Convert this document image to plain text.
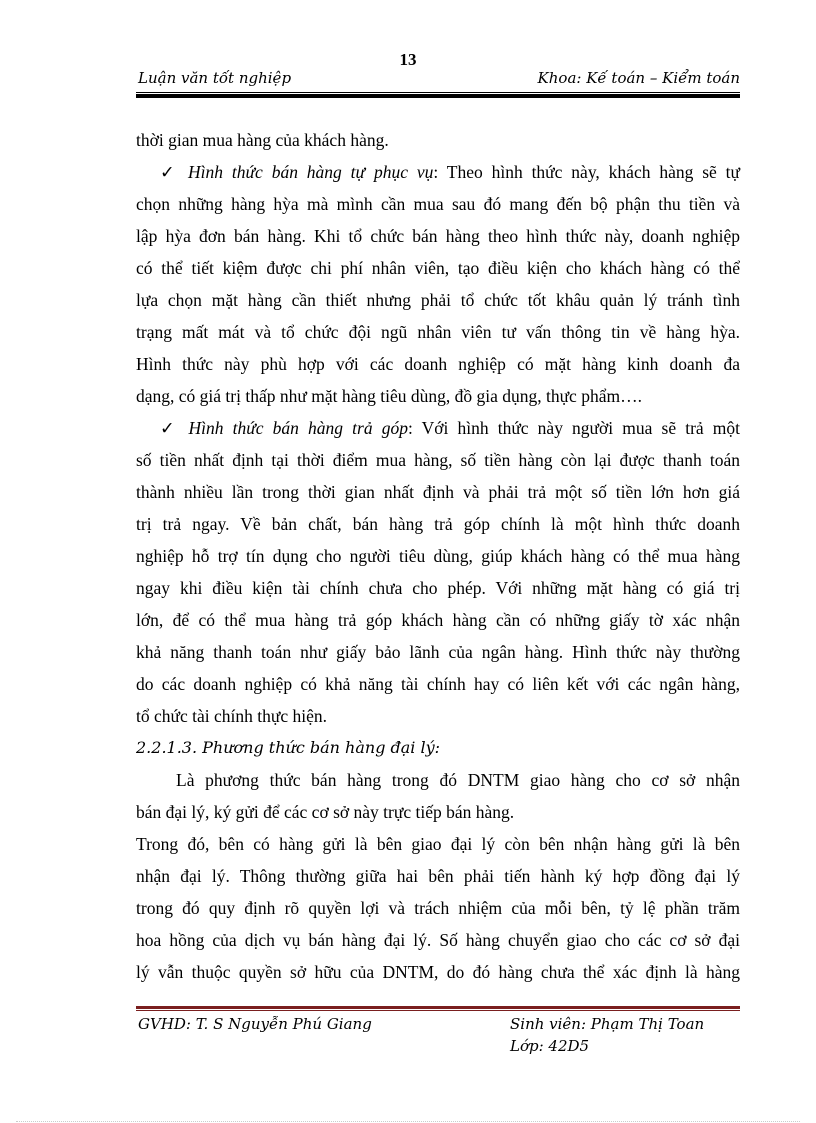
13
Luận văn tốt nghiệp	Khoa: Kế toán – Kiểm toán
thời gian mua hàng của khách hàng.
✓ Hình thức bán hàng tự phục vụ: Theo hình thức này, khách hàng sẽ tự
chọn những hàng hỳa mà mình cần mua sau đó mang đến bộ phận thu tiền và
lập hỳa đơn bán hàng. Khi tổ chức bán hàng theo hình thức này, doanh nghiệp
có thể tiết kiệm được chi phí nhân viên, tạo điều kiện cho khách hàng có thể
lựa chọn mặt hàng cần thiết nhưng phải tổ chức tốt khâu quản lý tránh tình
trạng mất mát và tổ chức đội ngũ nhân viên tư vấn thông tin về hàng hỳa.
Hình thức này phù hợp với các doanh nghiệp có mặt hàng kinh doanh đa
dạng, có giá trị thấp như mặt hàng tiêu dùng, đồ gia dụng, thực phẩm….
✓ Hình thức bán hàng trả góp: Với hình thức này người mua sẽ trả một
số tiền nhất định tại thời điểm mua hàng, số tiền hàng còn lại được thanh toán
thành nhiều lần trong thời gian nhất định và phải trả một số tiền lớn hơn giá
trị trả ngay. Về bản chất, bán hàng trả góp chính là một hình thức doanh
nghiệp hỗ trợ tín dụng cho người tiêu dùng, giúp khách hàng có thể mua hàng
ngay khi điều kiện tài chính chưa cho phép. Với những mặt hàng có giá trị
lớn, để có thể mua hàng trả góp khách hàng cần có những giấy tờ xác nhận
khả năng thanh toán như giấy bảo lãnh của ngân hàng. Hình thức này thường
do các doanh nghiệp có khả năng tài chính hay có liên kết với các ngân hàng,
tổ chức tài chính thực hiện.
2.2.1.3. Phương thức bán hàng đại lý:
Là phương thức bán hàng trong đó DNTM giao hàng cho cơ sở nhận
bán đại lý, ký gửi để các cơ sở này trực tiếp bán hàng.
Trong đó, bên có hàng gửi là bên giao đại lý còn bên nhận hàng gửi là bên
nhận đại lý. Thông thường giữa hai bên phải tiến hành ký hợp đồng đại lý
trong đó quy định rõ quyền lợi và trách nhiệm của mỗi bên, tỷ lệ phần trăm
hoa hồng của dịch vụ bán hàng đại lý. Số hàng chuyển giao cho các cơ sở đại
lý vẫn thuộc quyền sở hữu của DNTM, do đó hàng chưa thể xác định là hàng
GVHD: T. S Nguyễn Phú Giang	Sinh viên: Phạm Thị Toan
Lớp: 42D5
